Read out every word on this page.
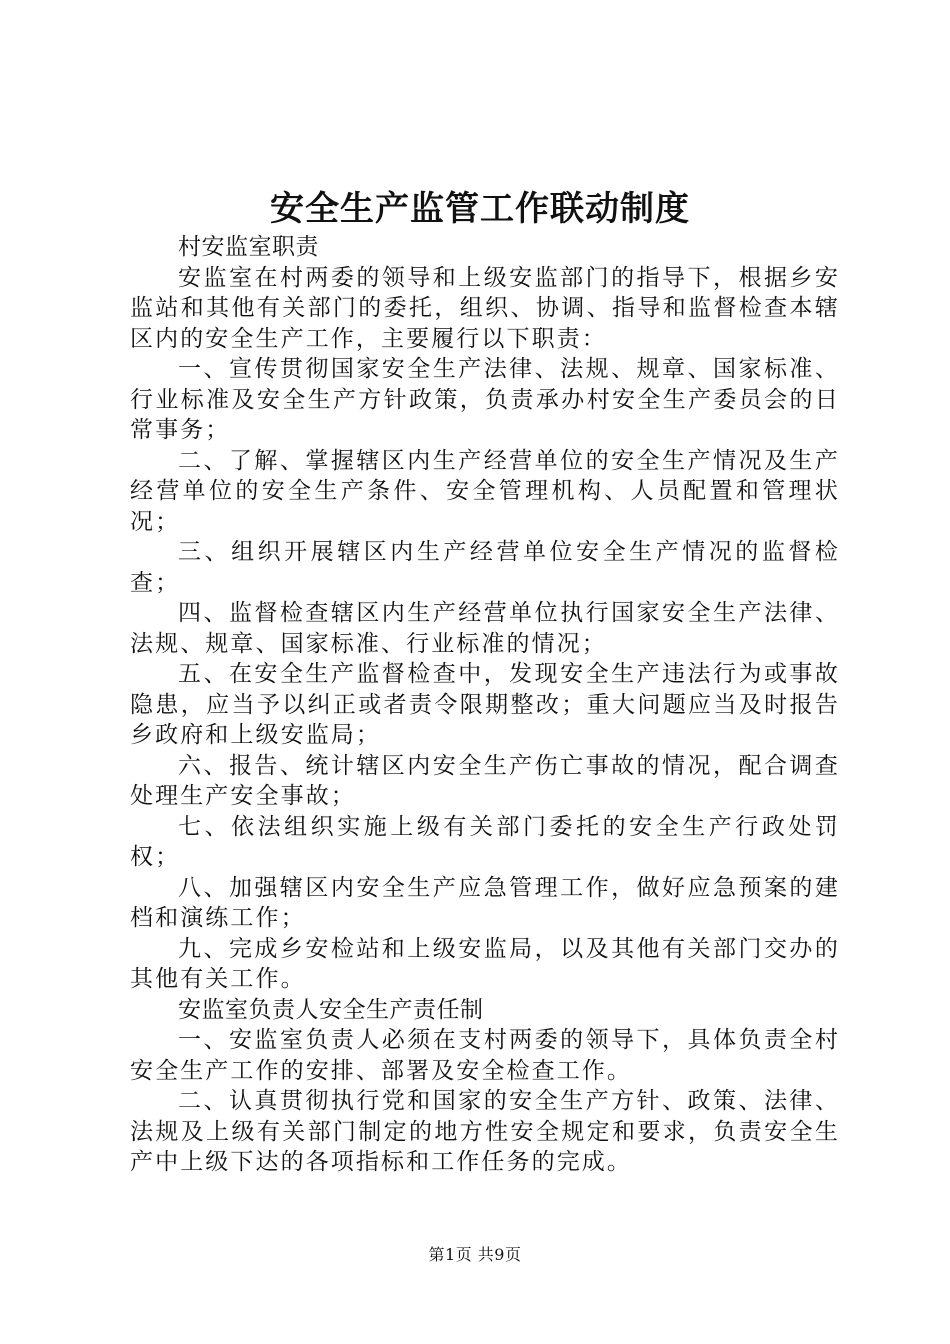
安全生产监管工作联动制度

村安监室职责

安监室在村两委的领导和上级安监部门的指导下，根据乡安监站和其他有关部门的委托，组织、协调、指导和监督检查本辖区内的安全生产工作，主要履行以下职责：

一、宣传贯彻国家安全生产法律、法规、规章、国家标准、行业标准及安全生产方针政策，负责承办村安全生产委员会的日常事务；

二、了解、掌握辖区内生产经营单位的安全生产情况及生产经营单位的安全生产条件、安全管理机构、人员配置和管理状况；

三、组织开展辖区内生产经营单位安全生产情况的监督检查；

四、监督检查辖区内生产经营单位执行国家安全生产法律、法规、规章、国家标准、行业标准的情况；

五、在安全生产监督检查中，发现安全生产违法行为或事故隐患，应当予以纠正或者责令限期整改；重大问题应当及时报告乡政府和上级安监局；

六、报告、统计辖区内安全生产伤亡事故的情况，配合调查处理生产安全事故；

七、依法组织实施上级有关部门委托的安全生产行政处罚权；

八、加强辖区内安全生产应急管理工作，做好应急预案的建档和演练工作；

九、完成乡安检站和上级安监局，以及其他有关部门交办的其他有关工作。

安监室负责人安全生产责任制

一、安监室负责人必须在支村两委的领导下，具体负责全村安全生产工作的安排、部署及安全检查工作。

二、认真贯彻执行党和国家的安全生产方针、政策、法律、法规及上级有关部门制定的地方性安全规定和要求，负责安全生产中上级下达的各项指标和工作任务的完成。

第1页 共9页
